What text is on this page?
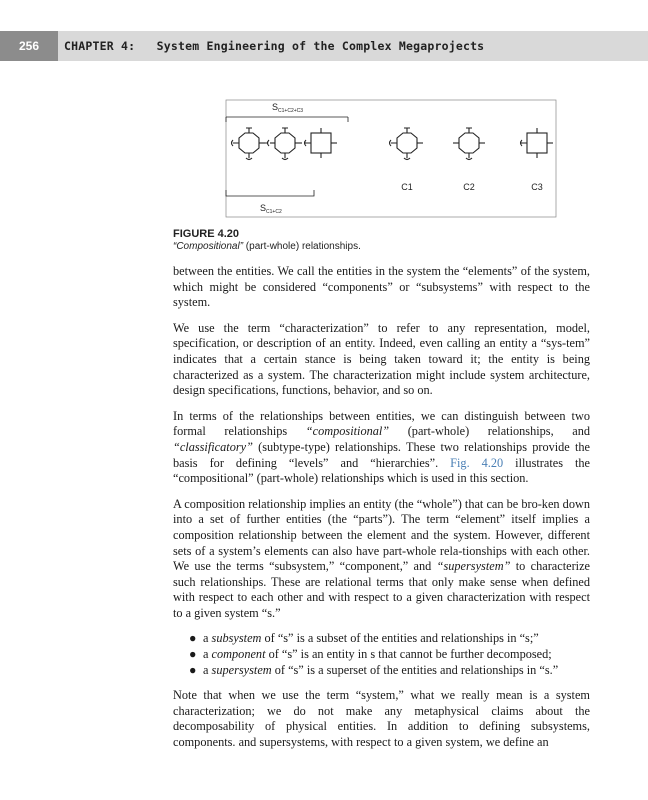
256	CHAPTER 4: System Engineering of the Complex Megaprojects
$S_{C1+C2+C3}$
C1	C2	C3
$S_{C1+C2}$
FIGURE 4.20
“Compositional” (part-whole) relationships.

between the entities. We call the entities in the system the “elements” of the system, which might be considered “components” or “subsystems” with respect to the system.

We use the term “characterization” to refer to any representation, model, specification, or description of an entity. Indeed, even calling an entity a “sys-tem” indicates that a certain stance is being taken toward it; the entity is being characterized as a system. The characterization might include system architecture, design specifications, functions, behavior, and so on.

In terms of the relationships between entities, we can distinguish between two formal relationships “compositional” (part-whole) relationships, and “classificatory” (subtype-type) relationships. These two relationships provide the basis for defining “levels” and “hierarchies”. Fig. 4.20 illustrates the “compositional” (part-whole) relationships which is used in this section.

A composition relationship implies an entity (the “whole”) that can be bro-ken down into a set of further entities (the “parts”). The term “element” itself implies a composition relationship between the element and the system. However, different sets of a system’s elements can also have part-whole rela-tionships with each other. We use the terms “subsystem,” “component,” and “supersystem” to characterize such relationships. These are relational terms that only make sense when defined with respect to each other and with respect to a given characterization with respect to a given system “s.”

● a subsystem of “s” is a subset of the entities and relationships in “s;”
● a component of “s” is an entity in s that cannot be further decomposed;
● a supersystem of “s” is a superset of the entities and relationships in “s.”

Note that when we use the term “system,” what we really mean is a system characterization; we do not make any metaphysical claims about the decomposability of physical entities. In addition to defining subsystems, components. and supersystems, with respect to a given system, we define an
